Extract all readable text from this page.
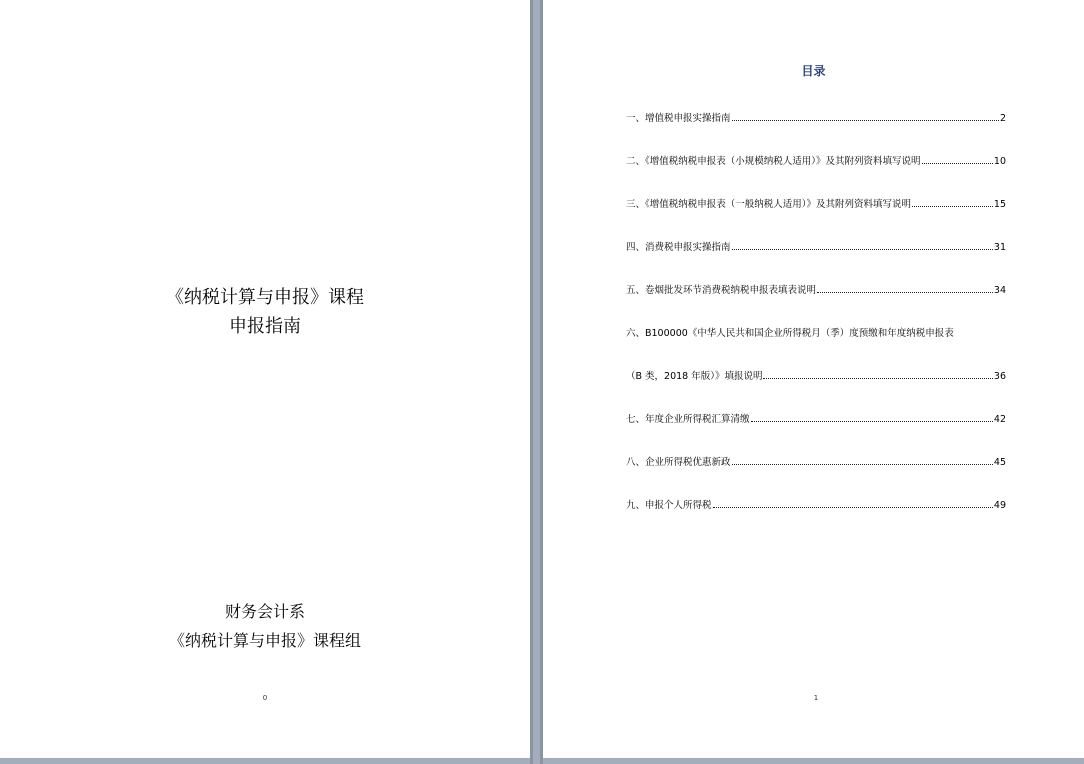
《纳税计算与申报》课程
申报指南
财务会计系
《纳税计算与申报》课程组
0
目录
一、增值税申报实操指南	2
二、《增值税纳税申报表（小规模纳税人适用）》及其附列资料填写说明	10
三、《增值税纳税申报表（一般纳税人适用）》及其附列资料填写说明	15
四、消费税申报实操指南	31
五、卷烟批发环节消费税纳税申报表填表说明	34
六、B100000《中华人民共和国企业所得税月（季）度预缴和年度纳税申报表
（B 类，2018 年版）》填报说明	36
七、年度企业所得税汇算清缴	42
八、企业所得税优惠新政	45
九、申报个人所得税	49
1
